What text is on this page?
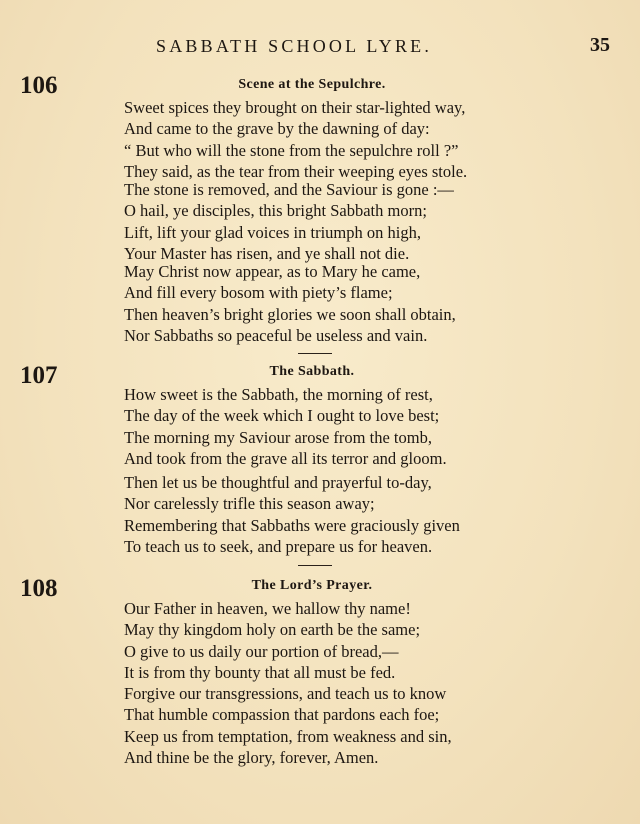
SABBATH SCHOOL LYRE.	35
106	Scene at the Sepulchre.
Sweet spices they brought on their star-lighted way,
And came to the grave by the dawning of day:
“ But who will the stone from the sepulchre roll ?”
They said, as the tear from their weeping eyes stole.
The stone is removed, and the Saviour is gone :—
O hail, ye disciples, this bright Sabbath morn;
Lift, lift your glad voices in triumph on high,
Your Master has risen, and ye shall not die.
May Christ now appear, as to Mary he came,
And fill every bosom with piety’s flame;
Then heaven’s bright glories we soon shall obtain,
Nor Sabbaths so peaceful be useless and vain.
107	The Sabbath.
How sweet is the Sabbath, the morning of rest,
The day of the week which I ought to love best;
The morning my Saviour arose from the tomb,
And took from the grave all its terror and gloom.
Then let us be thoughtful and prayerful to-day,
Nor carelessly trifle this season away;
Remembering that Sabbaths were graciously given
To teach us to seek, and prepare us for heaven.
108	The Lord’s Prayer.
Our Father in heaven, we hallow thy name!
May thy kingdom holy on earth be the same;
O give to us daily our portion of bread,—
It is from thy bounty that all must be fed.
Forgive our transgressions, and teach us to know
That humble compassion that pardons each foe;
Keep us from temptation, from weakness and sin,
And thine be the glory, forever, Amen.
